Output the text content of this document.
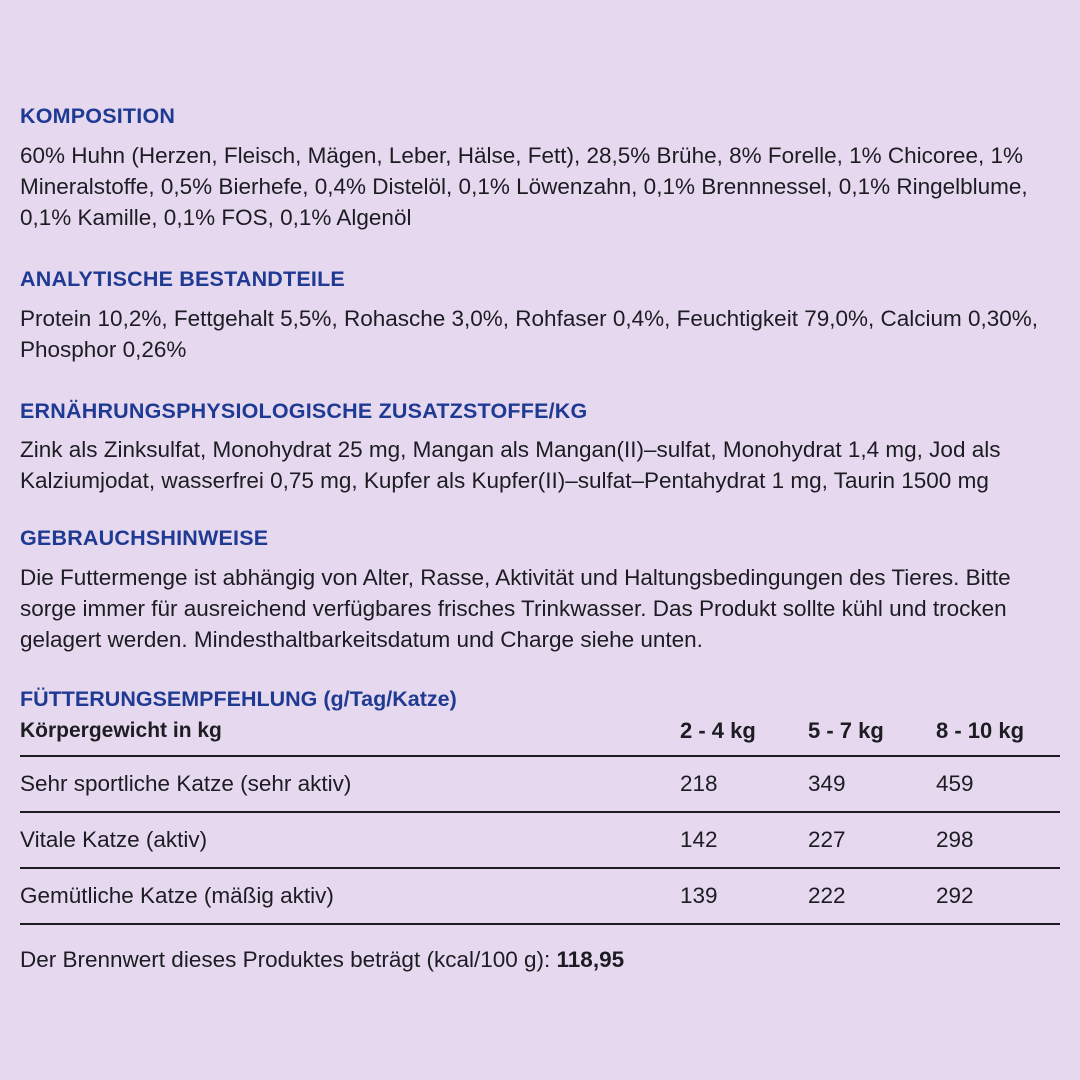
KOMPOSITION

60% Huhn (Herzen, Fleisch, Mägen, Leber, Hälse, Fett), 28,5% Brühe, 8% Forelle, 1% Chicoree, 1% Mineralstoffe, 0,5% Bierhefe, 0,4% Distelöl, 0,1% Löwenzahn, 0,1% Brennnessel, 0,1% Ringelblume, 0,1% Kamille, 0,1% FOS, 0,1% Algenöl

ANALYTISCHE BESTANDTEILE

Protein 10,2%, Fettgehalt 5,5%, Rohasche 3,0%, Rohfaser 0,4%, Feuchtigkeit 79,0%, Calcium 0,30%, Phosphor 0,26%

ERNÄHRUNGSPHYSIOLOGISCHE ZUSATZSTOFFE/KG

Zink als Zinksulfat, Monohydrat 25 mg, Mangan als Mangan(II)–sulfat, Monohydrat 1,4 mg, Jod als Kalziumjodat, wasserfrei 0,75 mg, Kupfer als Kupfer(II)–sulfat–Pentahydrat 1 mg, Taurin 1500 mg

GEBRAUCHSHINWEISE

Die Futtermenge ist abhängig von Alter, Rasse, Aktivität und Haltungsbedingungen des Tieres. Bitte sorge immer für ausreichend verfügbares frisches Trinkwasser. Das Produkt sollte kühl und trocken gelagert werden. Mindesthaltbarkeitsdatum und Charge siehe unten.

FÜTTERUNGSEMPFEHLUNG (g/Tag/Katze)
Körpergewicht in kg	2 - 4 kg	5 - 7 kg	8 - 10 kg
Sehr sportliche Katze (sehr aktiv)	218	349	459
Vitale Katze (aktiv)	142	227	298
Gemütliche Katze (mäßig aktiv)	139	222	292

Der Brennwert dieses Produktes beträgt (kcal/100 g): 118,95
